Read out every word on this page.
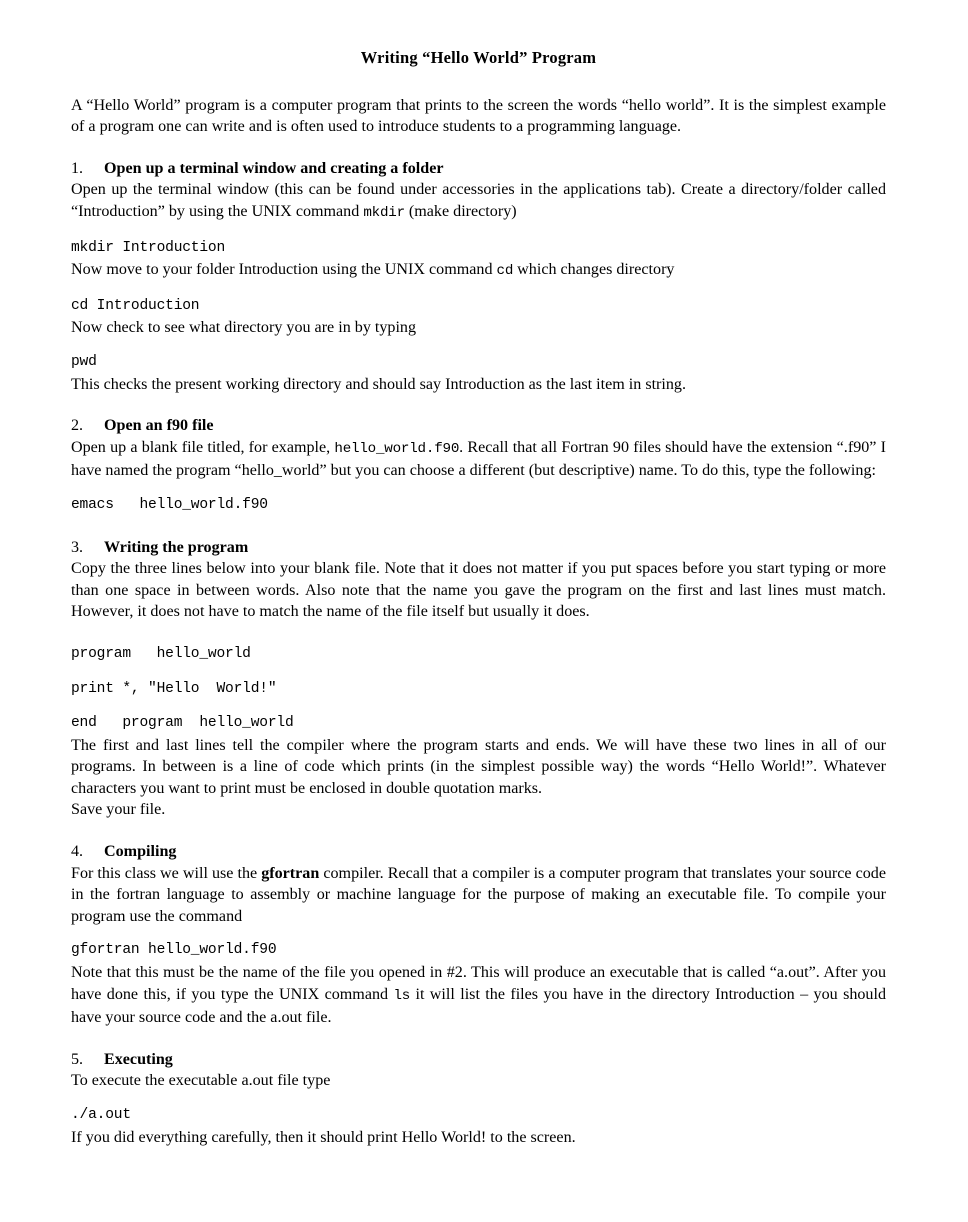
Writing “Hello World” Program

A “Hello World” program is a computer program that prints to the screen the words “hello world”. It is the simplest example of a program one can write and is often used to introduce students to a programming language.

1.	Open up a terminal window and creating a folder

Open up the terminal window (this can be found under accessories in the applications tab). Create a directory/folder called “Introduction” by using the UNIX command mkdir (make directory)

mkdir Introduction

Now move to your folder Introduction using the UNIX command cd which changes directory

cd Introduction

Now check to see what directory you are in by typing

pwd

This checks the present working directory and should say Introduction as the last item in string.

2.	Open an f90 file

Open up a blank file titled, for example, hello_world.f90. Recall that all Fortran 90 files should have the extension “.f90” I have named the program “hello_world” but you can choose a different (but descriptive) name. To do this, type the following:

emacs   hello_world.f90
3.	Writing the program

Copy the three lines below into your blank file. Note that it does not matter if you put spaces before you start typing or more than one space in between words. Also note that the name you gave the program on the first and last lines must match. However, it does not have to match the name of the file itself but usually it does.

program   hello_world
print *, "Hello  World!"
end   program  hello_world

The first and last lines tell the compiler where the program starts and ends. We will have these two lines in all of our programs. In between is a line of code which prints (in the simplest possible way) the words “Hello World!”. Whatever characters you want to print must be enclosed in double quotation marks.

Save your file.

4.	Compiling

For this class we will use the gfortran compiler. Recall that a compiler is a computer program that translates your source code in the fortran language to assembly or machine language for the purpose of making an executable file. To compile your program use the command

gfortran hello_world.f90

Note that this must be the name of the file you opened in #2. This will produce an executable that is called “a.out”. After you have done this, if you type the UNIX command ls it will list the files you have in the directory Introduction – you should have your source code and the a.out file.

5.	Executing

To execute the executable a.out file type

./a.out

If you did everything carefully, then it should print Hello World! to the screen.
